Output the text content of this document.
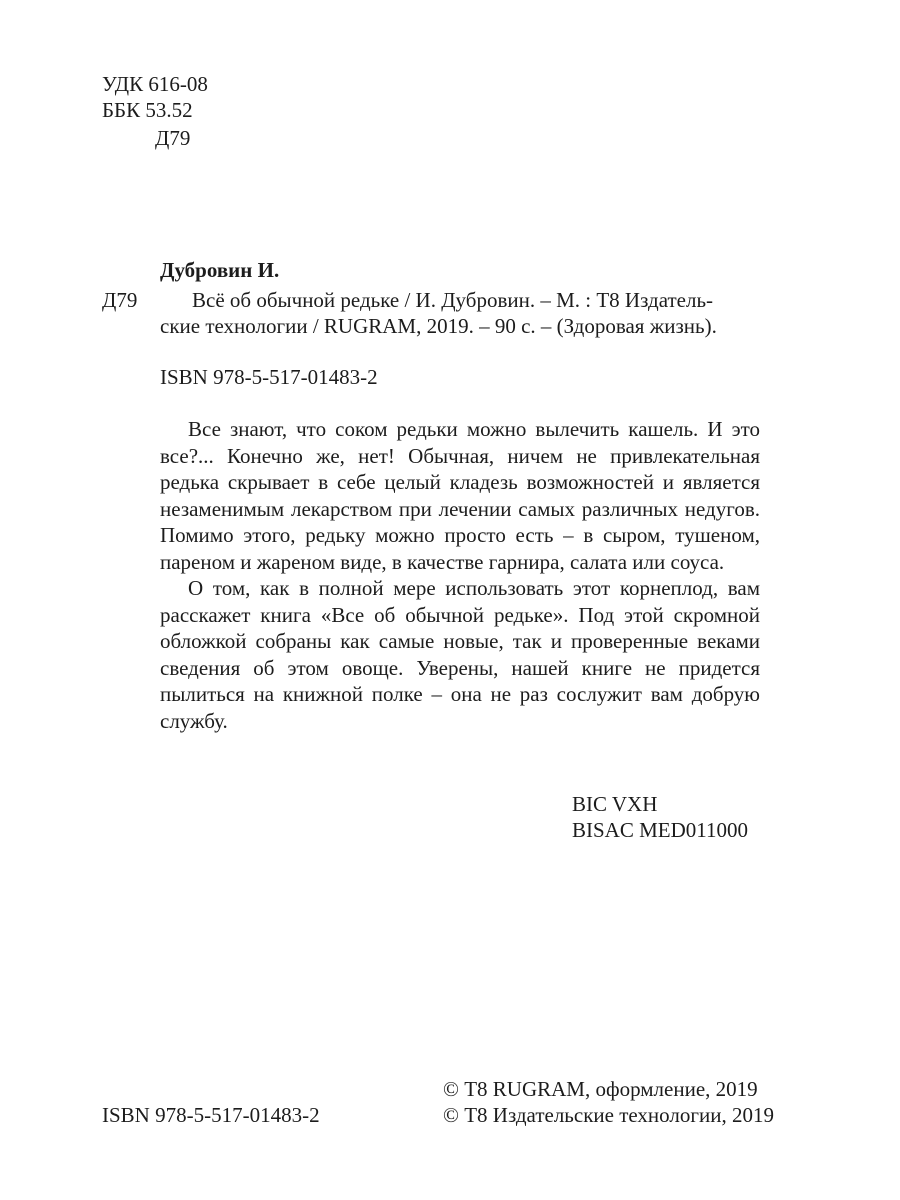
УДК 616-08
ББК 53.52
Д79
Дубровин И.
Д79	Всё об обычной редьке / И. Дубровин. – М. : Т8 Издатель-
ские технологии / RUGRAM, 2019. – 90 с. – (Здоровая жизнь).
ISBN 978-5-517-01483-2

Все знают, что соком редьки можно вылечить кашель. И это все?... Конечно же, нет! Обычная, ничем не привлекательная редька скрывает в себе целый кладезь возможностей и является незаменимым лекарством при лечении самых различных недугов. Помимо этого, редьку можно просто есть – в сыром, тушеном, пареном и жареном виде, в качестве гарнира, салата или соуса.

О том, как в полной мере использовать этот корнеплод, вам расскажет книга «Все об обычной редьке». Под этой скромной обложкой собраны как самые новые, так и проверенные веками сведения об этом овоще. Уверены, нашей книге не придется пылиться на книжной полке – она не раз сослужит вам добрую службу.

BIC VXH
BISAC MED011000
ISBN 978-5-517-01483-2
© Т8 RUGRAM, оформление, 2019
© Т8 Издательские технологии, 2019
